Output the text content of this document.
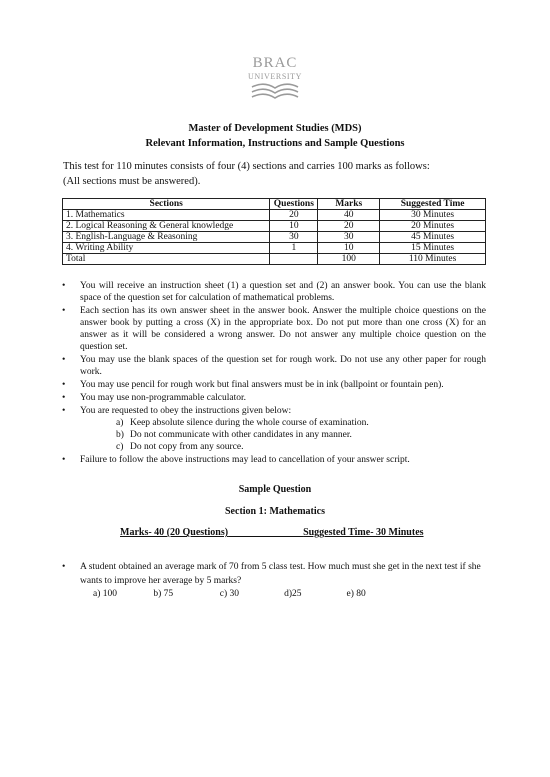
BRAC
UNIVERSITY
Master of Development Studies (MDS)
Relevant Information, Instructions and Sample Questions
This test for 110 minutes consists of four (4) sections and carries 100 marks as follows:
(All sections must be answered).
Sections	Questions	Marks	Suggested Time
1. Mathematics	20	40	30 Minutes
2. Logical Reasoning & General knowledge	10	20	20 Minutes
3. English-Language & Reasoning	30	30	45 Minutes
4. Writing Ability	1	10	15 Minutes
Total		100	110 Minutes
• You will receive an instruction sheet (1) a question set and (2) an answer book. You can use the blank space of the question set for calculation of mathematical problems.
• Each section has its own answer sheet in the answer book. Answer the multiple choice questions on the answer book by putting a cross (X) in the appropriate box. Do not put more than one cross (X) for an answer as it will be considered a wrong answer. Do not answer any multiple choice question on the question set.
• You may use the blank spaces of the question set for rough work. Do not use any other paper for rough work.
• You may use pencil for rough work but final answers must be in ink (ballpoint or fountain pen).
• You may use non-programmable calculator.
• You are requested to obey the instructions given below:
a) Keep absolute silence during the whole course of examination.
b) Do not communicate with other candidates in any manner.
c) Do not copy from any source.
• Failure to follow the above instructions may lead to cancellation of your answer script.
Sample Question
Section 1: Mathematics
Marks- 40 (20 Questions)	Suggested Time- 30 Minutes
•	A student obtained an average mark of 70 from 5 class test. How much must she get in the next test if she wants to improve her average by 5 marks?
a) 100	b) 75	c) 30	d)25	e) 80
